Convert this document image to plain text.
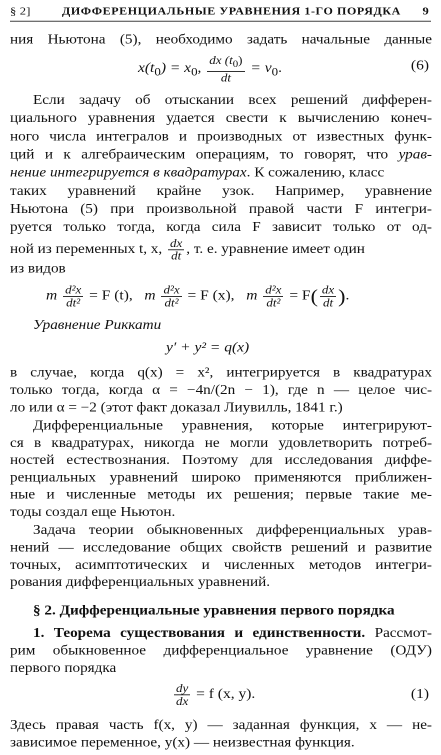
§ 2]	ДИФФЕРЕНЦИАЛЬНЫЕ УРАВНЕНИЯ 1-ГО ПОРЯДКА 9
ния Ньютона (5), необходимо задать начальные данные
$x(t_0) = x_0$, $\frac{dx (t_0)}{dt} = v_0$.	(6)
Если задачу об отыскании всех решений дифферен-
циального уравнения удается свести к вычислению конеч-
ного числа интегралов и производных от известных функ-
ций и к алгебраическим операциям, то говорят, что урав-
нение интегрируется в квадратурах. К сожалению, класс
таких уравнений крайне узок. Например, уравнение
Ньютона (5) при произвольной правой части F интегри-
руется только тогда, когда сила F зависит только от од-
ной из переменных t, x, $\frac{dx}{dt}$ , т. е. уравнение имеет один
из видов
m $\frac{\text{d²x}}{\text{dt²}} = F$ (t), m $\frac{\text{d²x}}{\text{dt²}} = F$ (x), m $\frac{\text{d²x}}{\text{dt²}} = F( \frac{dx}{dt}$ ).
Уравнение Риккати
y′ + y² = q(x)
в случае, когда q(x) = x², интегрируется в квадратурах
только тогда, когда α = −4n/(2n − 1), где n — целое чис-
ло или α = −2 (этот факт доказал Лиувилль, 1841 г.)
Дифференциальные уравнения, которые интегрируют-
ся в квадратурах, никогда не могли удовлетворить потреб-
ностей естествознания. Поэтому для исследования диффе-
ренциальных уравнений широко применяются приближен-
ные и численные методы их решения; первые такие ме-
тоды создал еще Ньютон.
Задача теории обыкновенных дифференциальных урав-
нений — исследование общих свойств решений и развитие
точных, асимптотических и численных методов интегри-
рования дифференциальных уравнений.
§ 2. Дифференциальные уравнения первого порядка
1. Теорема существования и единственности. Рассмот-
рим обыкновенное дифференциальное уравнение (ОДУ)
первого порядка
$\frac{dy}{dx} = f$ (x, y).	(1)
Здесь правая часть f(x, y) — заданная функция, x — не-
зависимое переменное, y(x) — неизвестная функция.
